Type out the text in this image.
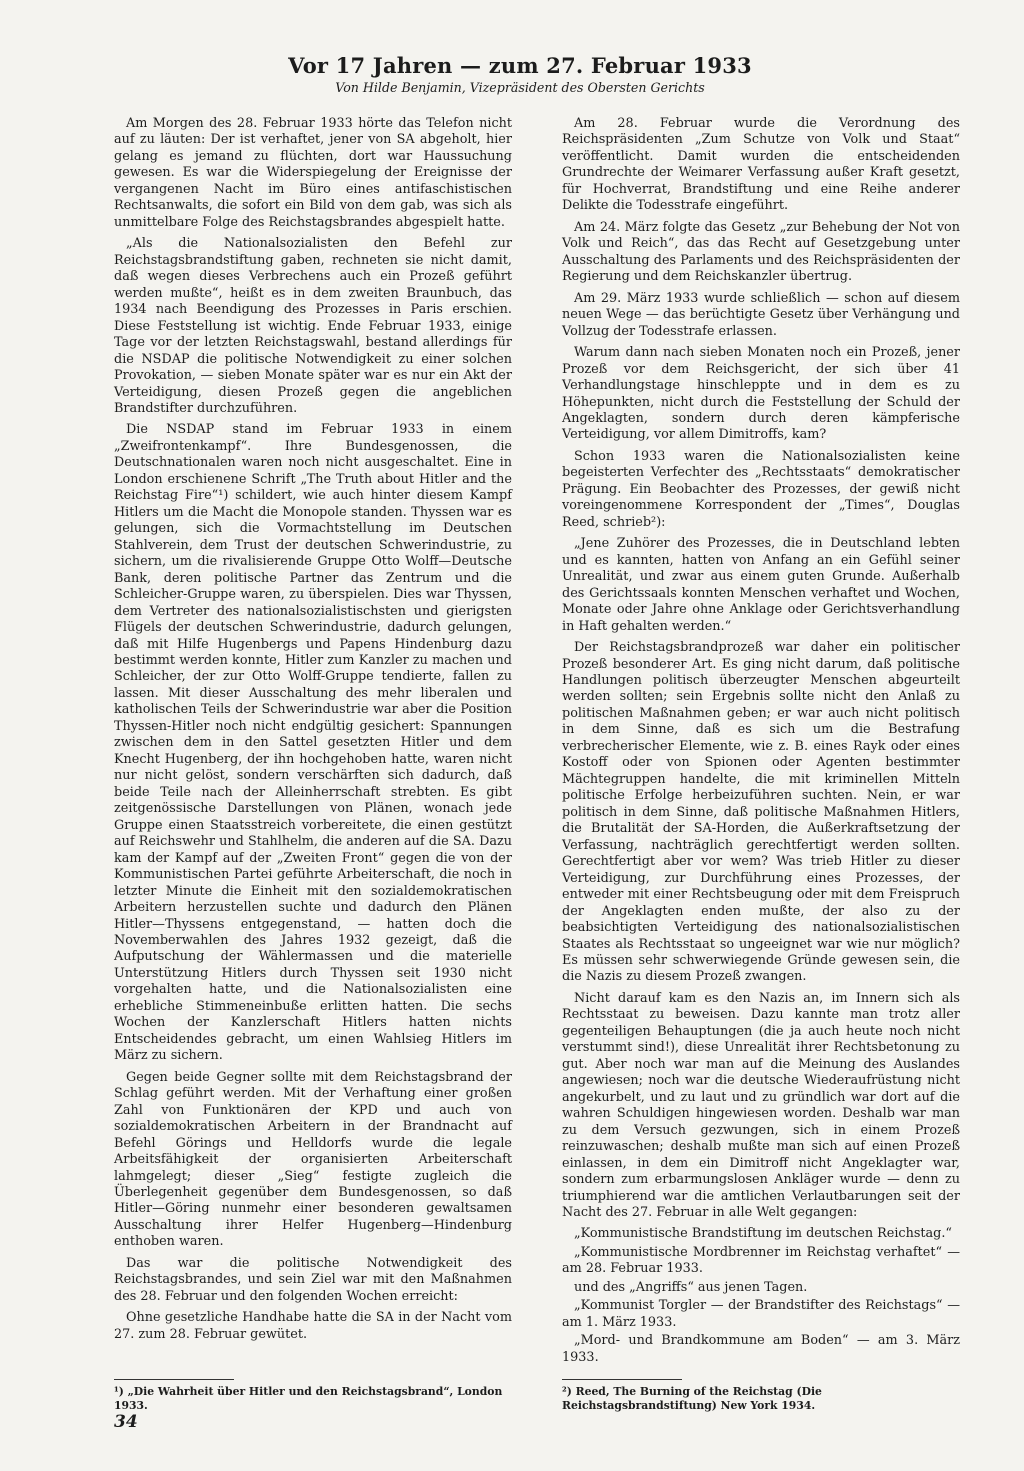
Vor 17 Jahren — zum 27. Februar 1933
Von Hilde Benjamin, Vizepräsident des Obersten Gerichts

Am Morgen des 28. Februar 1933 hörte das Telefon nicht auf zu läuten: Der ist verhaftet, jener von SA abgeholt, hier gelang es jemand zu flüchten, dort war Haussuchung gewesen. Es war die Widerspiegelung der Ereignisse der vergangenen Nacht im Büro eines antifaschistischen Rechtsanwalts, die sofort ein Bild von dem gab, was sich als unmittelbare Folge des Reichstagsbrandes abgespielt hatte.

„Als die Nationalsozialisten den Befehl zur Reichstagsbrandstiftung gaben, rechneten sie nicht damit, daß wegen dieses Verbrechens auch ein Prozeß geführt werden mußte“, heißt es in dem zweiten Braunbuch, das 1934 nach Beendigung des Prozesses in Paris erschien. Diese Feststellung ist wichtig. Ende Februar 1933, einige Tage vor der letzten Reichstagswahl, bestand allerdings für die NSDAP die politische Notwendigkeit zu einer solchen Provokation, — sieben Monate später war es nur ein Akt der Verteidigung, diesen Prozeß gegen die angeblichen Brandstifter durchzuführen.

Die NSDAP stand im Februar 1933 in einem „Zweifrontenkampf“. Ihre Bundesgenossen, die Deutschnationalen waren noch nicht ausgeschaltet. Eine in London erschienene Schrift „The Truth about Hitler and the Reichstag Fire“¹) schildert, wie auch hinter diesem Kampf Hitlers um die Macht die Monopole standen. Thyssen war es gelungen, sich die Vormachtstellung im Deutschen Stahlverein, dem Trust der deutschen Schwerindustrie, zu sichern, um die rivalisierende Gruppe Otto Wolff—Deutsche Bank, deren politische Partner das Zentrum und die Schleicher-Gruppe waren, zu überspielen. Dies war Thyssen, dem Vertreter des nationalsozialistischsten und gierigsten Flügels der deutschen Schwerindustrie, dadurch gelungen, daß mit Hilfe Hugenbergs und Papens Hindenburg dazu bestimmt werden konnte, Hitler zum Kanzler zu machen und Schleicher, der zur Otto Wolff-Gruppe tendierte, fallen zu lassen. Mit dieser Ausschaltung des mehr liberalen und katholischen Teils der Schwerindustrie war aber die Position Thyssen-Hitler noch nicht endgültig gesichert: Spannungen zwischen dem in den Sattel gesetzten Hitler und dem Knecht Hugenberg, der ihn hochgehoben hatte, waren nicht nur nicht gelöst, sondern verschärften sich dadurch, daß beide Teile nach der Alleinherrschaft strebten. Es gibt zeitgenössische Darstellungen von Plänen, wonach jede Gruppe einen Staatsstreich vorbereitete, die einen gestützt auf Reichswehr und Stahlhelm, die anderen auf die SA. Dazu kam der Kampf auf der „Zweiten Front“ gegen die von der Kommunistischen Partei geführte Arbeiterschaft, die noch in letzter Minute die Einheit mit den sozialdemokratischen Arbeitern herzustellen suchte und dadurch den Plänen Hitler—Thyssens entgegenstand, — hatten doch die Novemberwahlen des Jahres 1932 gezeigt, daß die Aufputschung der Wählermassen und die materielle Unterstützung Hitlers durch Thyssen seit 1930 nicht vorgehalten hatte, und die Nationalsozialisten eine erhebliche Stimmeneinbuße erlitten hatten. Die sechs Wochen der Kanzlerschaft Hitlers hatten nichts Entscheidendes gebracht, um einen Wahlsieg Hitlers im März zu sichern.

Gegen beide Gegner sollte mit dem Reichstagsbrand der Schlag geführt werden. Mit der Verhaftung einer großen Zahl von Funktionären der KPD und auch von sozialdemokratischen Arbeitern in der Brandnacht auf Befehl Görings und Helldorfs wurde die legale Arbeitsfähigkeit der organisierten Arbeiterschaft lahmgelegt; dieser „Sieg“ festigte zugleich die Überlegenheit gegenüber dem Bundesgenossen, so daß Hitler—Göring nunmehr einer besonderen gewaltsamen Ausschaltung ihrer Helfer Hugenberg—Hindenburg enthoben waren.

Das war die politische Notwendigkeit des Reichstagsbrandes, und sein Ziel war mit den Maßnahmen des 28. Februar und den folgenden Wochen erreicht:

Ohne gesetzliche Handhabe hatte die SA in der Nacht vom 27. zum 28. Februar gewütet.

Am 28. Februar wurde die Verordnung des Reichspräsidenten „Zum Schutze von Volk und Staat“ veröffentlicht. Damit wurden die entscheidenden Grundrechte der Weimarer Verfassung außer Kraft gesetzt, für Hochverrat, Brandstiftung und eine Reihe anderer Delikte die Todesstrafe eingeführt.

Am 24. März folgte das Gesetz „zur Behebung der Not von Volk und Reich“, das das Recht auf Gesetzgebung unter Ausschaltung des Parlaments und des Reichspräsidenten der Regierung und dem Reichskanzler übertrug.

Am 29. März 1933 wurde schließlich — schon auf diesem neuen Wege — das berüchtigte Gesetz über Verhängung und Vollzug der Todesstrafe erlassen.

Warum dann nach sieben Monaten noch ein Prozeß, jener Prozeß vor dem Reichsgericht, der sich über 41 Verhandlungstage hinschleppte und in dem es zu Höhepunkten, nicht durch die Feststellung der Schuld der Angeklagten, sondern durch deren kämpferische Verteidigung, vor allem Dimitroffs, kam?

Schon 1933 waren die Nationalsozialisten keine begeisterten Verfechter des „Rechtsstaats“ demokratischer Prägung. Ein Beobachter des Prozesses, der gewiß nicht voreingenommene Korrespondent der „Times“, Douglas Reed, schrieb²):

„Jene Zuhörer des Prozesses, die in Deutschland lebten und es kannten, hatten von Anfang an ein Gefühl seiner Unrealität, und zwar aus einem guten Grunde. Außerhalb des Gerichtssaals konnten Menschen verhaftet und Wochen, Monate oder Jahre ohne Anklage oder Gerichtsverhandlung in Haft gehalten werden.“

Der Reichstagsbrandprozeß war daher ein politischer Prozeß besonderer Art. Es ging nicht darum, daß politische Handlungen politisch überzeugter Menschen abgeurteilt werden sollten; sein Ergebnis sollte nicht den Anlaß zu politischen Maßnahmen geben; er war auch nicht politisch in dem Sinne, daß es sich um die Bestrafung verbrecherischer Elemente, wie z. B. eines Rayk oder eines Kostoff oder von Spionen oder Agenten bestimmter Mächtegruppen handelte, die mit kriminellen Mitteln politische Erfolge herbeizuführen suchten. Nein, er war politisch in dem Sinne, daß politische Maßnahmen Hitlers, die Brutalität der SA-Horden, die Außerkraftsetzung der Verfassung, nachträglich gerechtfertigt werden sollten. Gerechtfertigt aber vor wem? Was trieb Hitler zu dieser Verteidigung, zur Durchführung eines Prozesses, der entweder mit einer Rechtsbeugung oder mit dem Freispruch der Angeklagten enden mußte, der also zu der beabsichtigten Verteidigung des nationalsozialistischen Staates als Rechtsstaat so ungeeignet war wie nur möglich? Es müssen sehr schwerwiegende Gründe gewesen sein, die die Nazis zu diesem Prozeß zwangen.

Nicht darauf kam es den Nazis an, im Innern sich als Rechtsstaat zu beweisen. Dazu kannte man trotz aller gegenteiligen Behauptungen (die ja auch heute noch nicht verstummt sind!), diese Unrealität ihrer Rechtsbetonung zu gut. Aber noch war man auf die Meinung des Auslandes angewiesen; noch war die deutsche Wiederaufrüstung nicht angekurbelt, und zu laut und zu gründlich war dort auf die wahren Schuldigen hingewiesen worden. Deshalb war man zu dem Versuch gezwungen, sich in einem Prozeß reinzuwaschen; deshalb mußte man sich auf einen Prozeß einlassen, in dem ein Dimitroff nicht Angeklagter war, sondern zum erbarmungslosen Ankläger wurde — denn zu triumphierend war die amtlichen Verlautbarungen seit der Nacht des 27. Februar in alle Welt gegangen:

„Kommunistische Brandstiftung im deutschen Reichstag.“

„Kommunistische Mordbrenner im Reichstag verhaftet“ — am 28. Februar 1933.

und des „Angriffs“ aus jenen Tagen.

„Kommunist Torgler — der Brandstifter des Reichstags“ — am 1. März 1933.

„Mord- und Brandkommune am Boden“ — am 3. März 1933.

¹) „Die Wahrheit über Hitler und den Reichstagsbrand“, London 1933.
²) Reed, The Burning of the Reichstag (Die Reichstagsbrandstiftung) New York 1934.
34
